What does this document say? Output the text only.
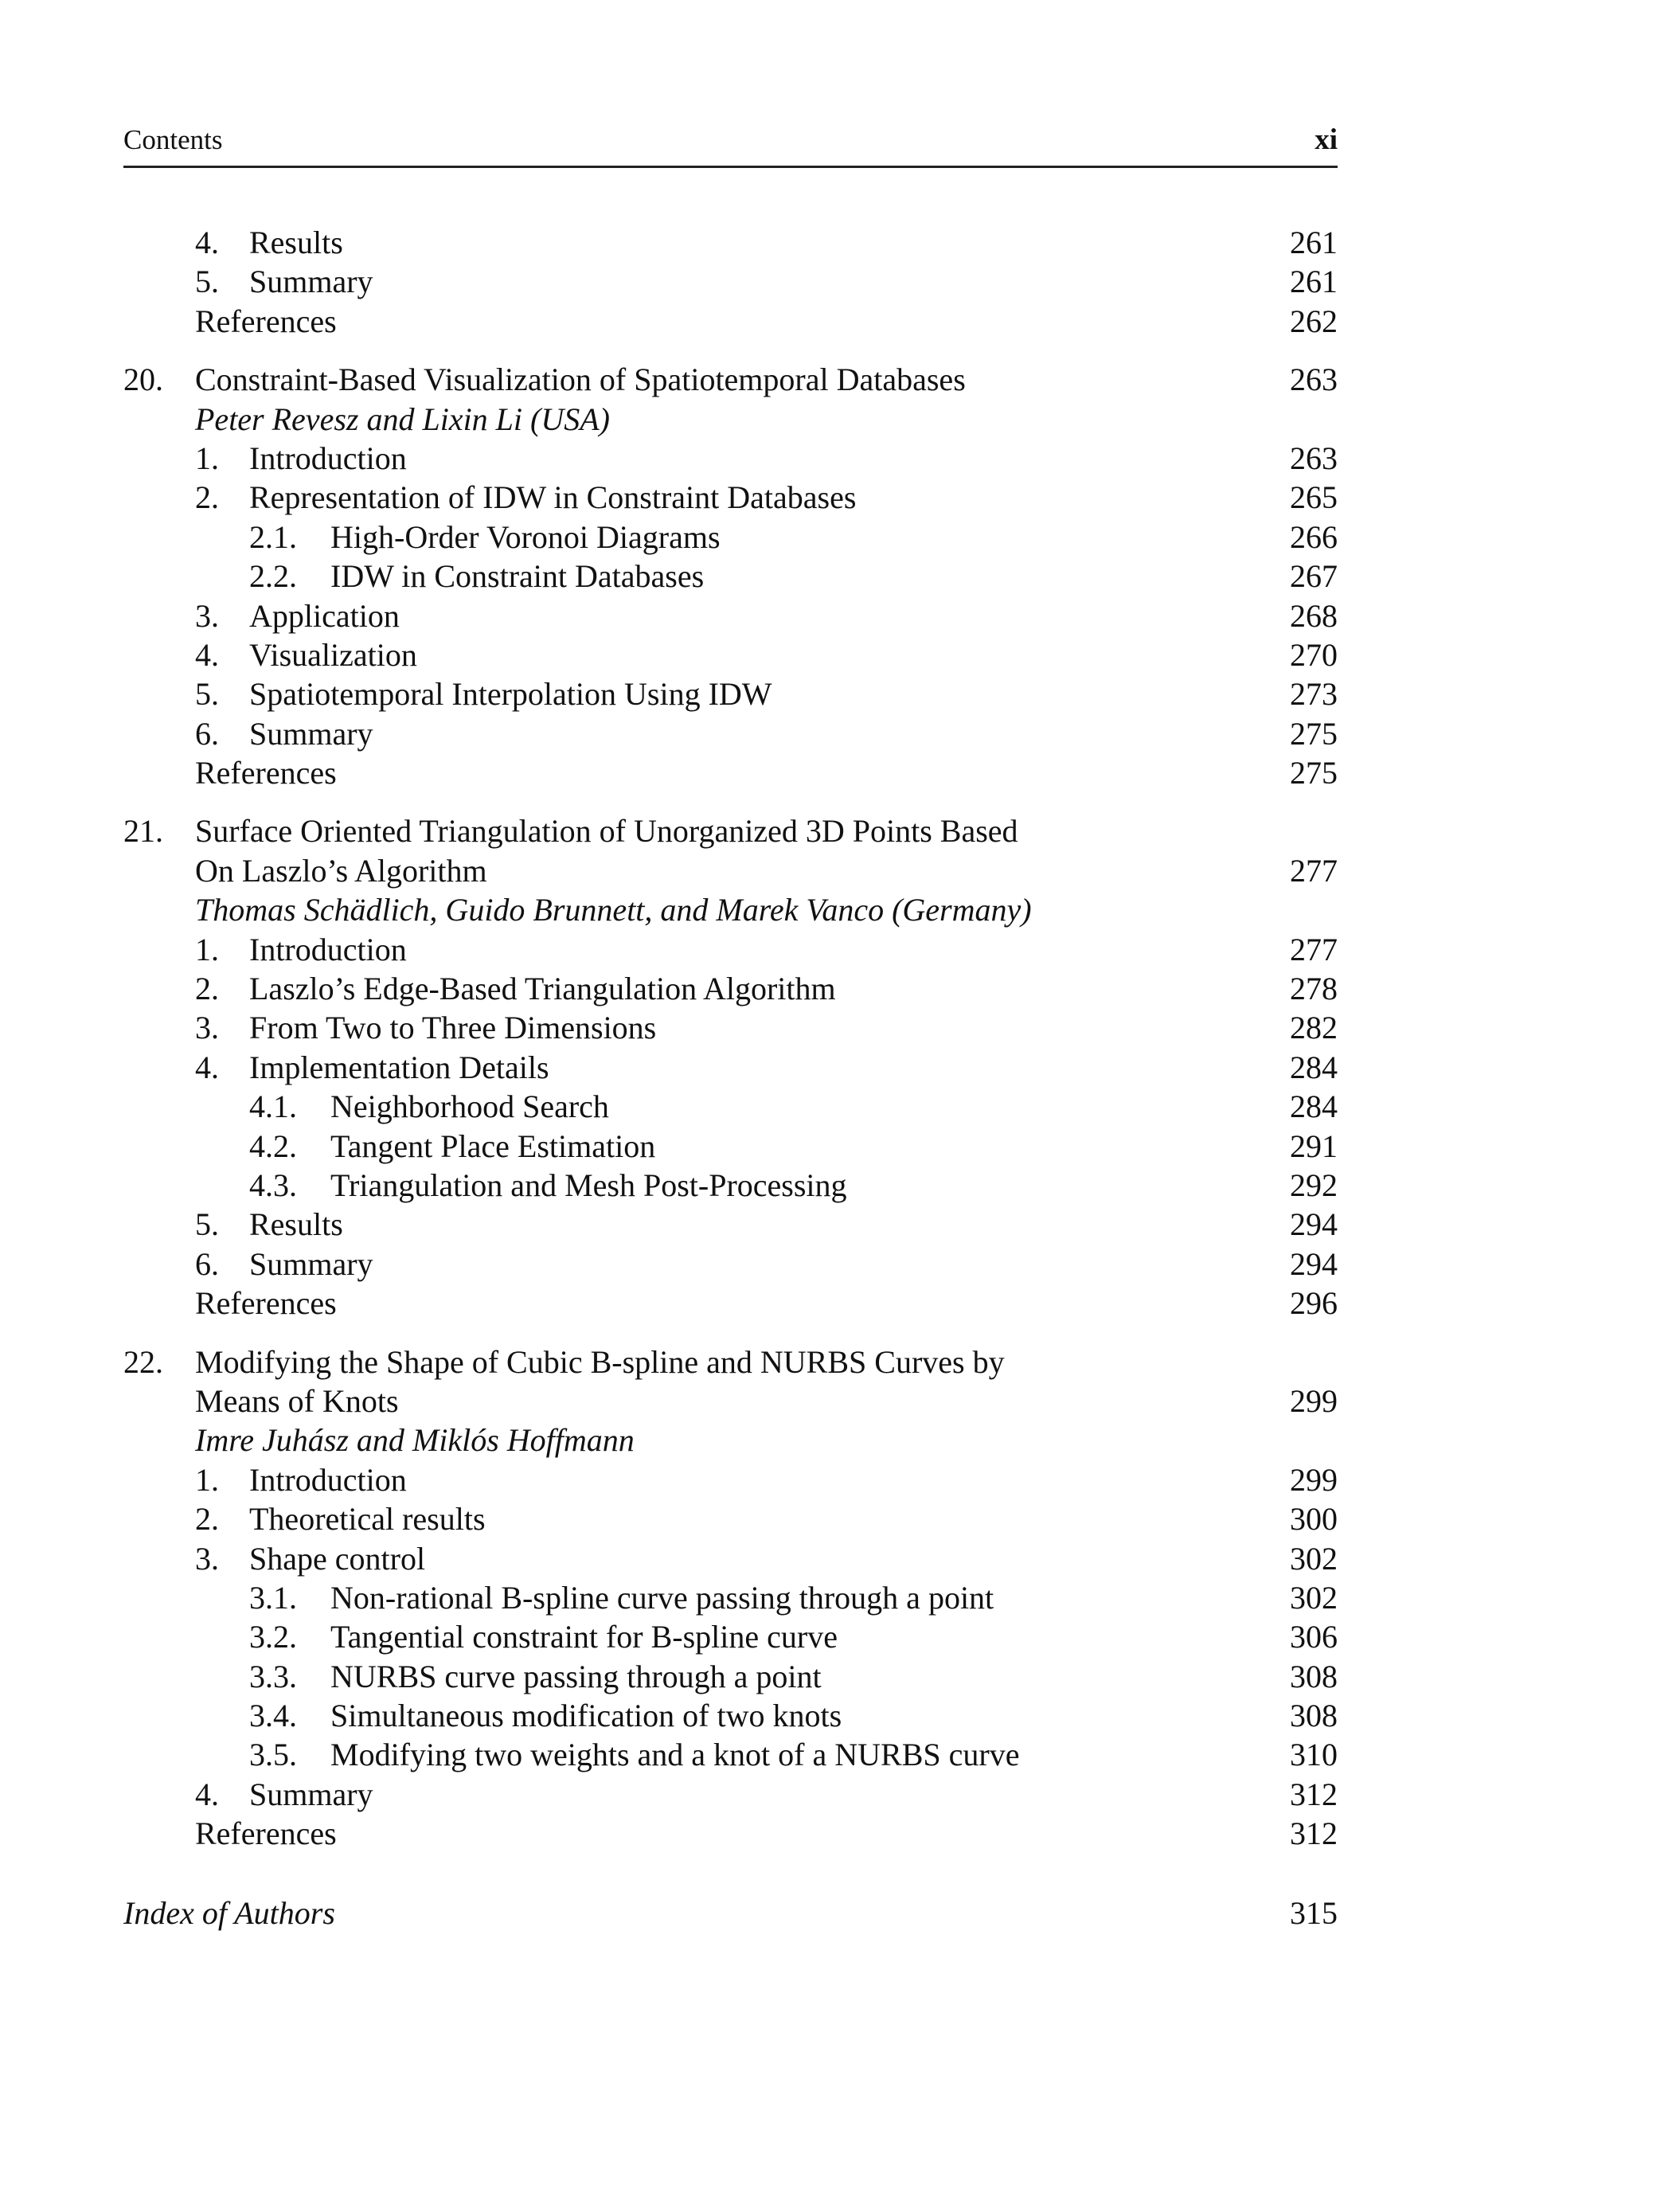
Contents	xi
4. Results	261
5. Summary	261
References	262
20. Constraint-Based Visualization of Spatiotemporal Databases	263
Peter Revesz and Lixin Li (USA)
1. Introduction	263
2. Representation of IDW in Constraint Databases	265
2.1. High-Order Voronoi Diagrams	266
2.2. IDW in Constraint Databases	267
3. Application	268
4. Visualization	270
5. Spatiotemporal Interpolation Using IDW	273
6. Summary	275
References	275
21. Surface Oriented Triangulation of Unorganized 3D Points Based
On Laszlo’s Algorithm	277
Thomas Schädlich, Guido Brunnett, and Marek Vanco (Germany)
1. Introduction	277
2. Laszlo’s Edge-Based Triangulation Algorithm	278
3. From Two to Three Dimensions	282
4. Implementation Details	284
4.1. Neighborhood Search	284
4.2. Tangent Place Estimation	291
4.3. Triangulation and Mesh Post-Processing	292
5. Results	294
6. Summary	294
References	296
22. Modifying the Shape of Cubic B-spline and NURBS Curves by
Means of Knots	299
Imre Juhász and Miklós Hoffmann
1. Introduction	299
2. Theoretical results	300
3. Shape control	302
3.1. Non-rational B-spline curve passing through a point	302
3.2. Tangential constraint for B-spline curve	306
3.3. NURBS curve passing through a point	308
3.4. Simultaneous modification of two knots	308
3.5. Modifying two weights and a knot of a NURBS curve	310
4. Summary	312
References	312
Index of Authors	315
